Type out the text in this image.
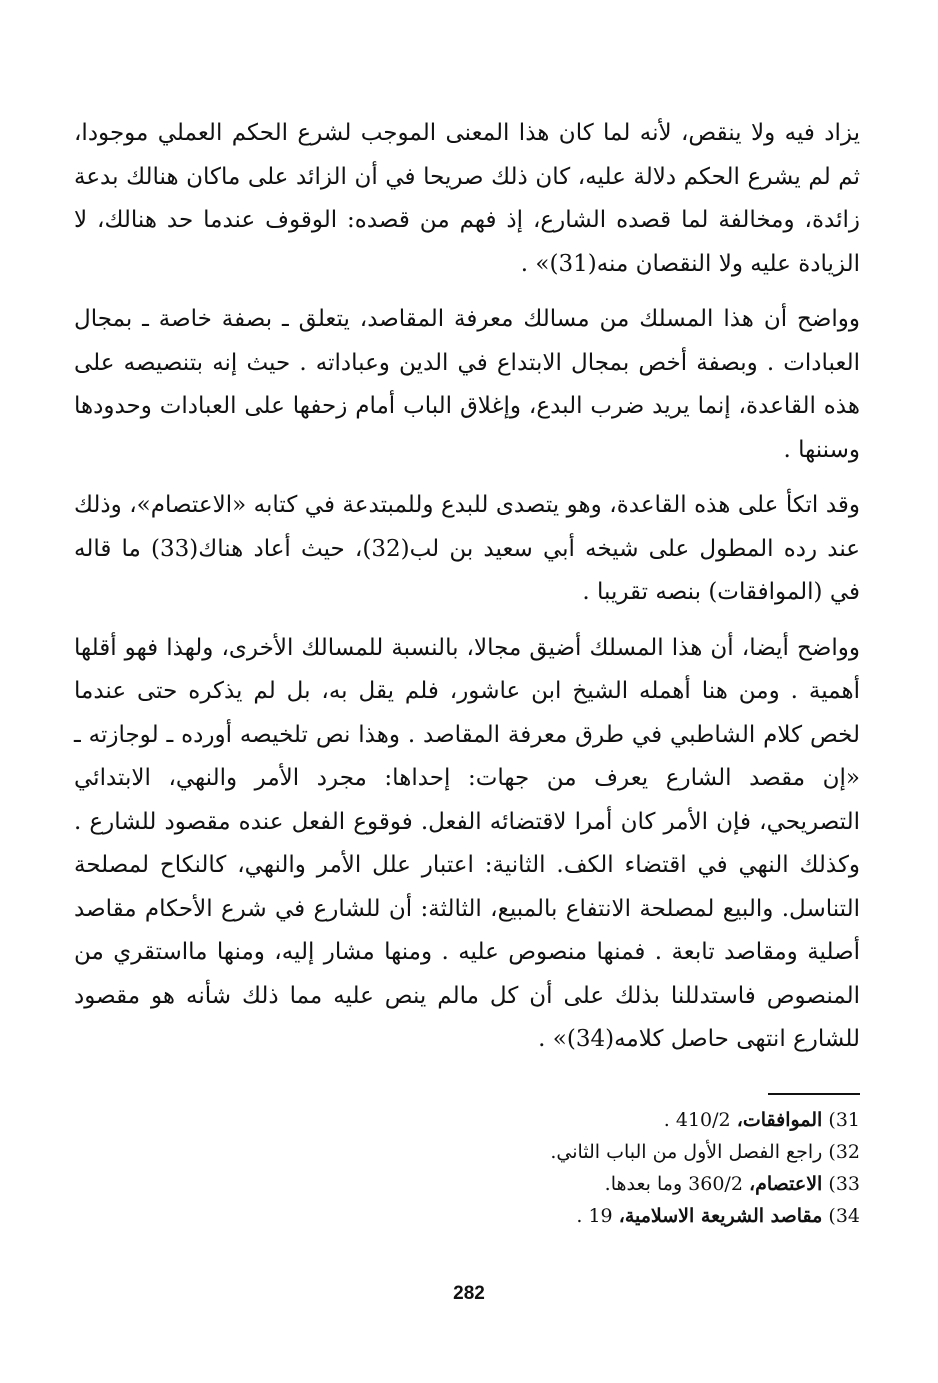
يزاد فيه ولا ينقص، لأنه لما كان هذا المعنى الموجب لشرع الحكم العملي موجودا، ثم لم يشرع الحكم دلالة عليه، كان ذلك صريحا في أن الزائد على ماكان هنالك بدعة زائدة، ومخالفة لما قصده الشارع، إذ فهم من قصده: الوقوف عندما حد هنالك، لا الزيادة عليه ولا النقصان منه(31)» .

وواضح أن هذا المسلك من مسالك معرفة المقاصد، يتعلق ـ بصفة خاصة ـ بمجال العبادات . وبصفة أخص بمجال الابتداع في الدين وعباداته . حيث إنه بتنصيصه على هذه القاعدة، إنما يريد ضرب البدع، وإغلاق الباب أمام زحفها على العبادات وحدودها وسننها .

وقد اتكأ على هذه القاعدة، وهو يتصدى للبدع وللمبتدعة في كتابه «الاعتصام»، وذلك عند رده المطول على شيخه أبي سعيد بن لب(32)، حيث أعاد هناك(33) ما قاله في (الموافقات) بنصه تقريبا .

وواضح أيضا، أن هذا المسلك أضيق مجالا، بالنسبة للمسالك الأخرى، ولهذا فهو أقلها أهمية . ومن هنا أهمله الشيخ ابن عاشور، فلم يقل به، بل لم يذكره حتى عندما لخص كلام الشاطبي في طرق معرفة المقاصد . وهذا نص تلخيصه أورده ـ لوجازته ـ «إن مقصد الشارع يعرف من جهات: إحداها: مجرد الأمر والنهي، الابتدائي التصريحي، فإن الأمر كان أمرا لاقتضائه الفعل. فوقوع الفعل عنده مقصود للشارع . وكذلك النهي في اقتضاء الكف. الثانية: اعتبار علل الأمر والنهي، كالنكاح لمصلحة التناسل. والبيع لمصلحة الانتفاع بالمبيع، الثالثة: أن للشارع في شرع الأحكام مقاصد أصلية ومقاصد تابعة . فمنها منصوص عليه . ومنها مشار إليه، ومنها مااستقري من المنصوص فاستدللنا بذلك على أن كل مالم ينص عليه مما ذلك شأنه هو مقصود للشارع انتهى حاصل كلامه(34)» .

31) الموافقات، 410/2 .
32) راجع الفصل الأول من الباب الثاني.
33) الاعتصام، 360/2 وما بعدها.
34) مقاصد الشريعة الاسلامية، 19 .
282
